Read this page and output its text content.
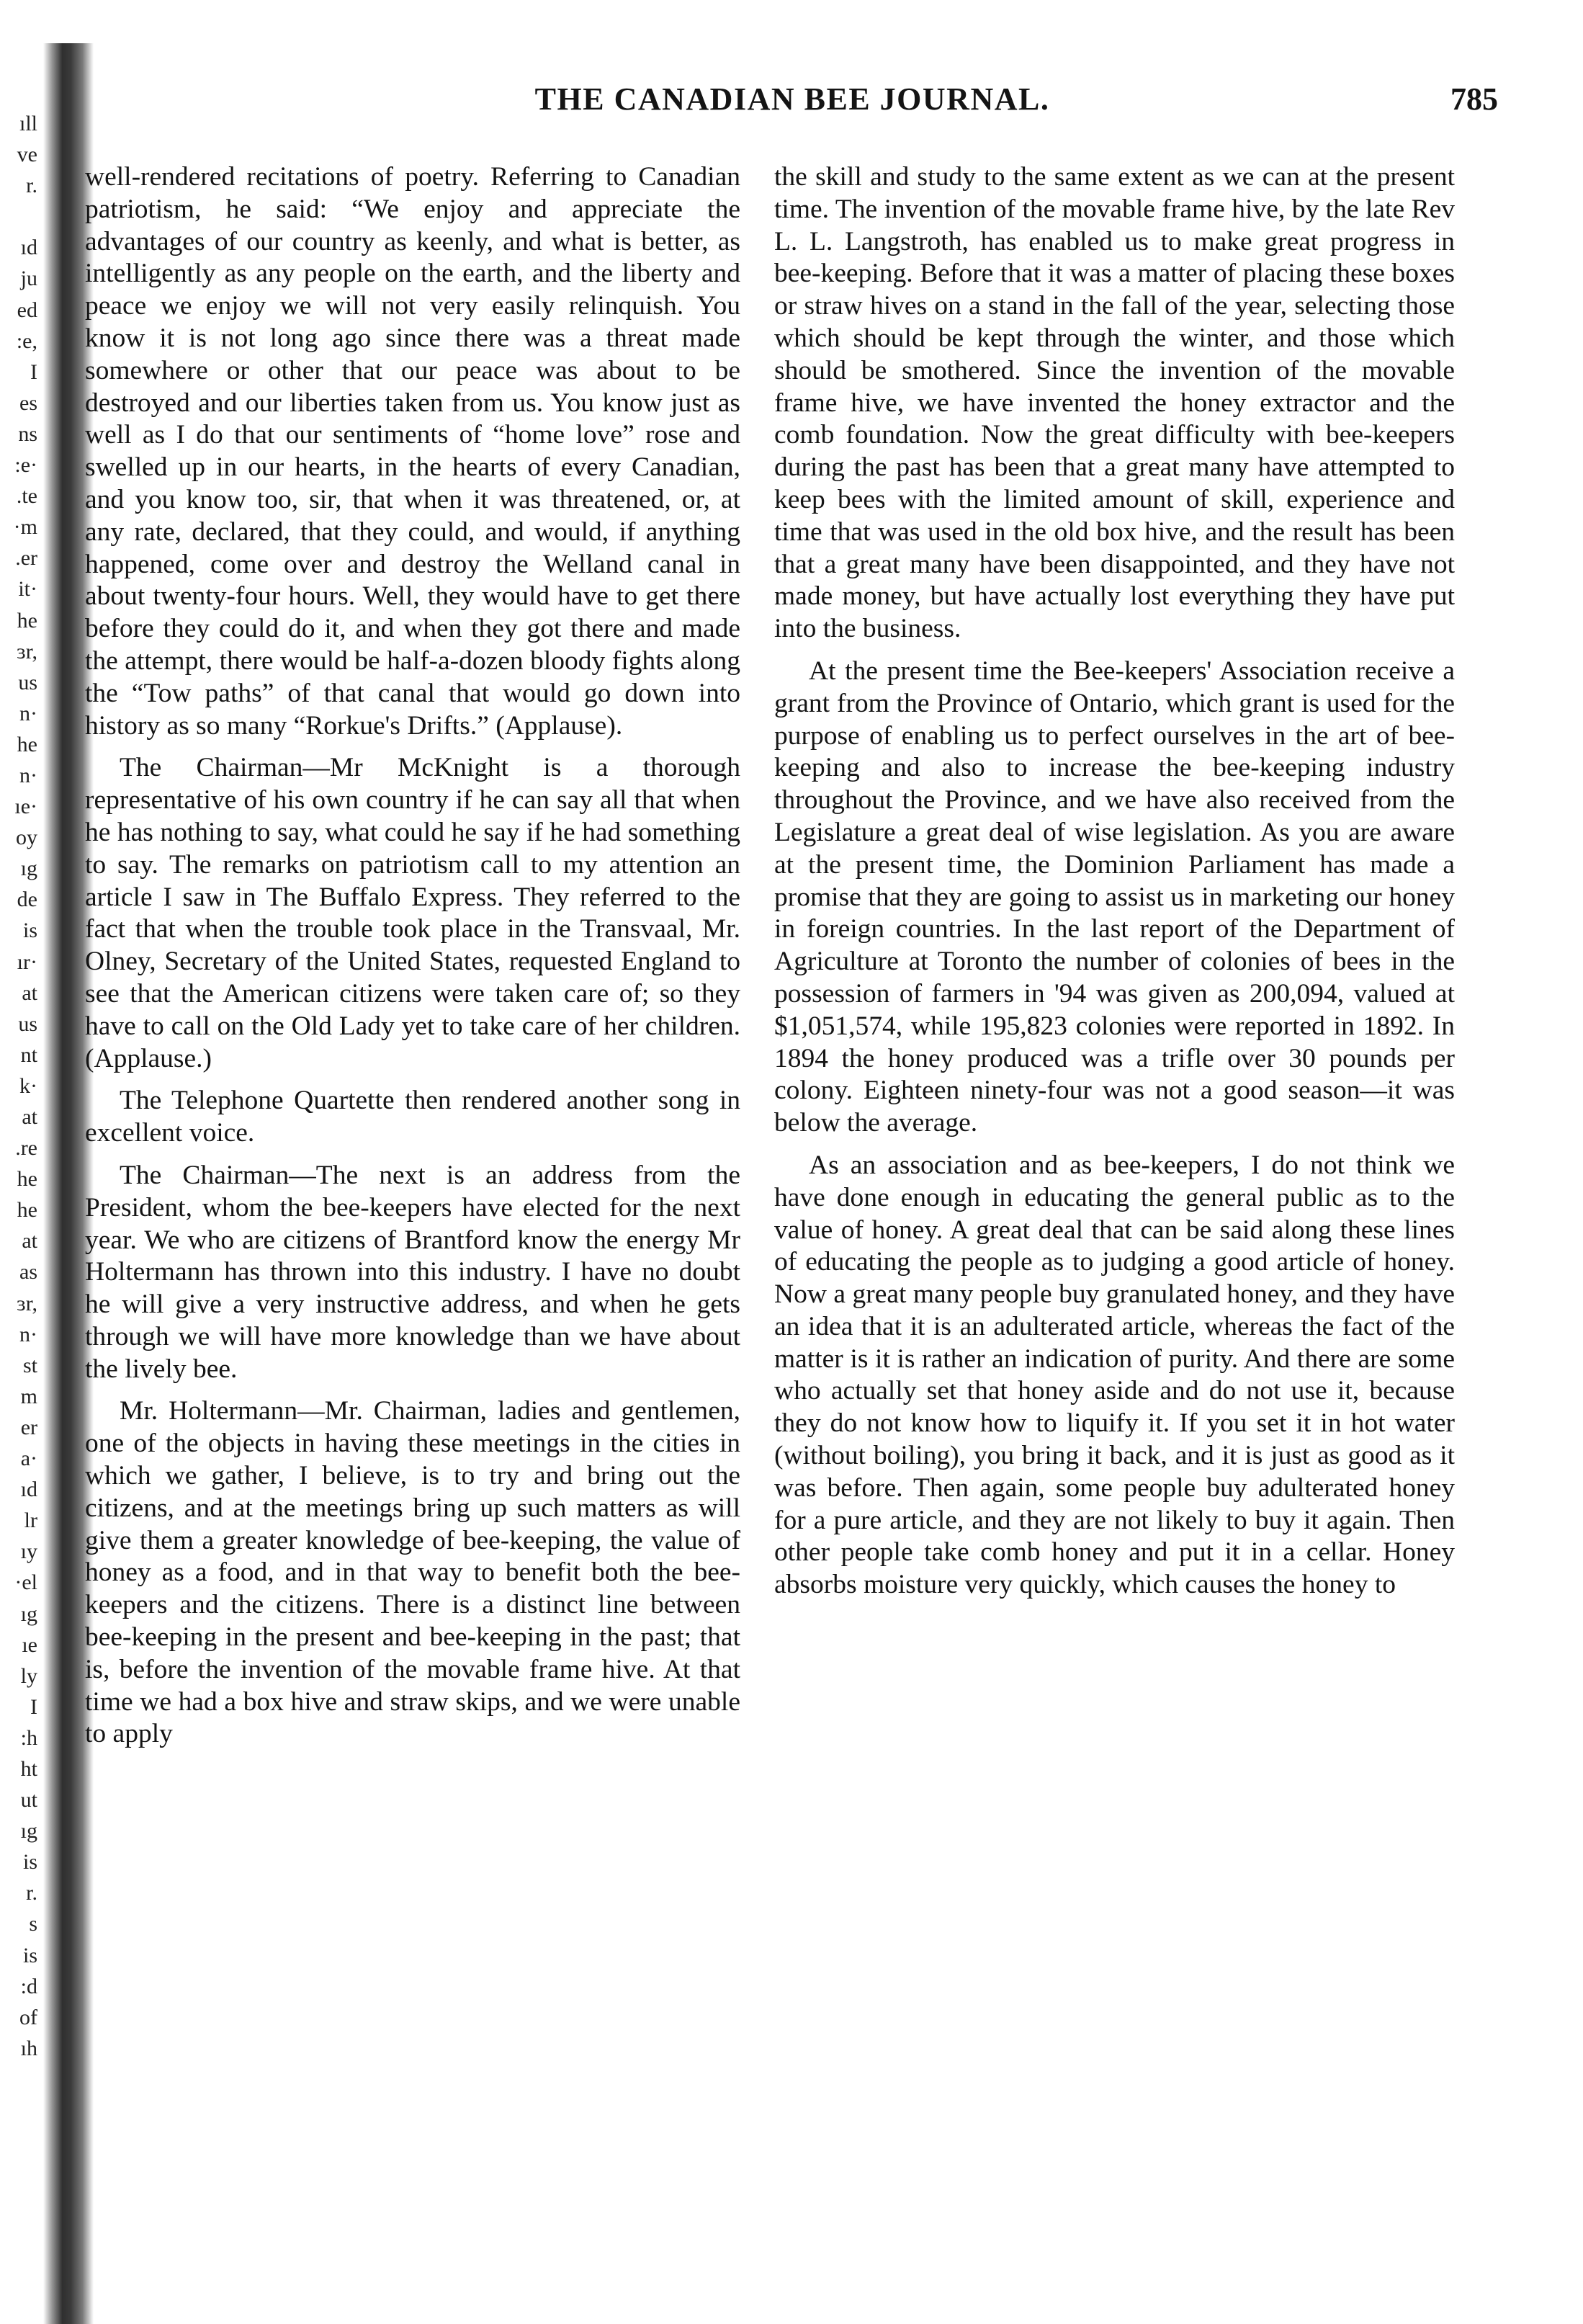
ıll
ve
r.
ıd
ju
ed
:e,
I
es
ns
:e·
.te
·m
.er
it·
he
ɜr,
us
n·
he
n·
ıe·
oy
ıg
de
is
ır·
at
us
nt
k·
at
.re
he
he
at
as
ɜr,
n·
st
m
er
a·
ıd
lr
ıy
·el
ıg
ıe
ly
I
:h
ht
ut
ıg
is
r.
s
is
:d
of
ıh
THE CANADIAN BEE JOURNAL.	785

well-rendered recitations of poetry. Referring to Canadian patriotism, he said: “We enjoy and appreciate the advantages of our country as keenly, and what is better, as intelligently as any people on the earth, and the liberty and peace we enjoy we will not very easily relinquish. You know it is not long ago since there was a threat made somewhere or other that our peace was about to be destroyed and our liberties taken from us. You know just as well as I do that our sentiments of “home love” rose and swelled up in our hearts, in the hearts of every Canadian, and you know too, sir, that when it was threatened, or, at any rate, declared, that they could, and would, if anything happened, come over and destroy the Welland canal in about twenty-four hours. Well, they would have to get there before they could do it, and when they got there and made the attempt, there would be half-a-dozen bloody fights along the “Tow paths” of that canal that would go down into history as so many “Rorkue's Drifts.” (Applause).

The Chairman—Mr McKnight is a thorough representative of his own country if he can say all that when he has nothing to say, what could he say if he had something to say. The remarks on patriotism call to my attention an article I saw in The Buffalo Express. They referred to the fact that when the trouble took place in the Transvaal, Mr. Olney, Secretary of the United States, requested England to see that the American citizens were taken care of; so they have to call on the Old Lady yet to take care of her children. (Applause.)

The Telephone Quartette then rendered another song in excellent voice.

The Chairman—The next is an address from the President, whom the bee-keepers have elected for the next year. We who are citizens of Brantford know the energy Mr Holtermann has thrown into this industry. I have no doubt he will give a very instructive address, and when he gets through we will have more knowledge than we have about the lively bee.

Mr. Holtermann—Mr. Chairman, ladies and gentlemen, one of the objects in having these meetings in the cities in which we gather, I believe, is to try and bring out the citizens, and at the meetings bring up such matters as will give them a greater knowledge of bee-keeping, the value of honey as a food, and in that way to benefit both the bee-keepers and the citizens. There is a distinct line between bee-keeping in the present and bee-keeping in the past; that is, before the invention of the movable frame hive. At that time we had a box hive and straw skips, and we were unable to apply

the skill and study to the same extent as we can at the present time. The invention of the movable frame hive, by the late Rev L. L. Langstroth, has enabled us to make great progress in bee-keeping. Before that it was a matter of placing these boxes or straw hives on a stand in the fall of the year, selecting those which should be kept through the winter, and those which should be smothered. Since the invention of the movable frame hive, we have invented the honey extractor and the comb foundation. Now the great difficulty with bee-keepers during the past has been that a great many have attempted to keep bees with the limited amount of skill, experience and time that was used in the old box hive, and the result has been that a great many have been disappointed, and they have not made money, but have actually lost everything they have put into the business.

At the present time the Bee-keepers' Association receive a grant from the Province of Ontario, which grant is used for the purpose of enabling us to perfect ourselves in the art of bee-keeping and also to increase the bee-keeping industry throughout the Province, and we have also received from the Legislature a great deal of wise legislation. As you are aware at the present time, the Dominion Parliament has made a promise that they are going to assist us in marketing our honey in foreign countries. In the last report of the Department of Agriculture at Toronto the number of colonies of bees in the possession of farmers in '94 was given as 200,094, valued at $1,051,574, while 195,823 colonies were reported in 1892. In 1894 the honey produced was a trifle over 30 pounds per colony. Eighteen ninety-four was not a good season—it was below the average.

As an association and as bee-keepers, I do not think we have done enough in educating the general public as to the value of honey. A great deal that can be said along these lines of educating the people as to judging a good article of honey. Now a great many people buy granulated honey, and they have an idea that it is an adulterated article, whereas the fact of the matter is it is rather an indication of purity. And there are some who actually set that honey aside and do not use it, because they do not know how to liquify it. If you set it in hot water (without boiling), you bring it back, and it is just as good as it was before. Then again, some people buy adulterated honey for a pure article, and they are not likely to buy it again. Then other people take comb honey and put it in a cellar. Honey absorbs moisture very quickly, which causes the honey to
